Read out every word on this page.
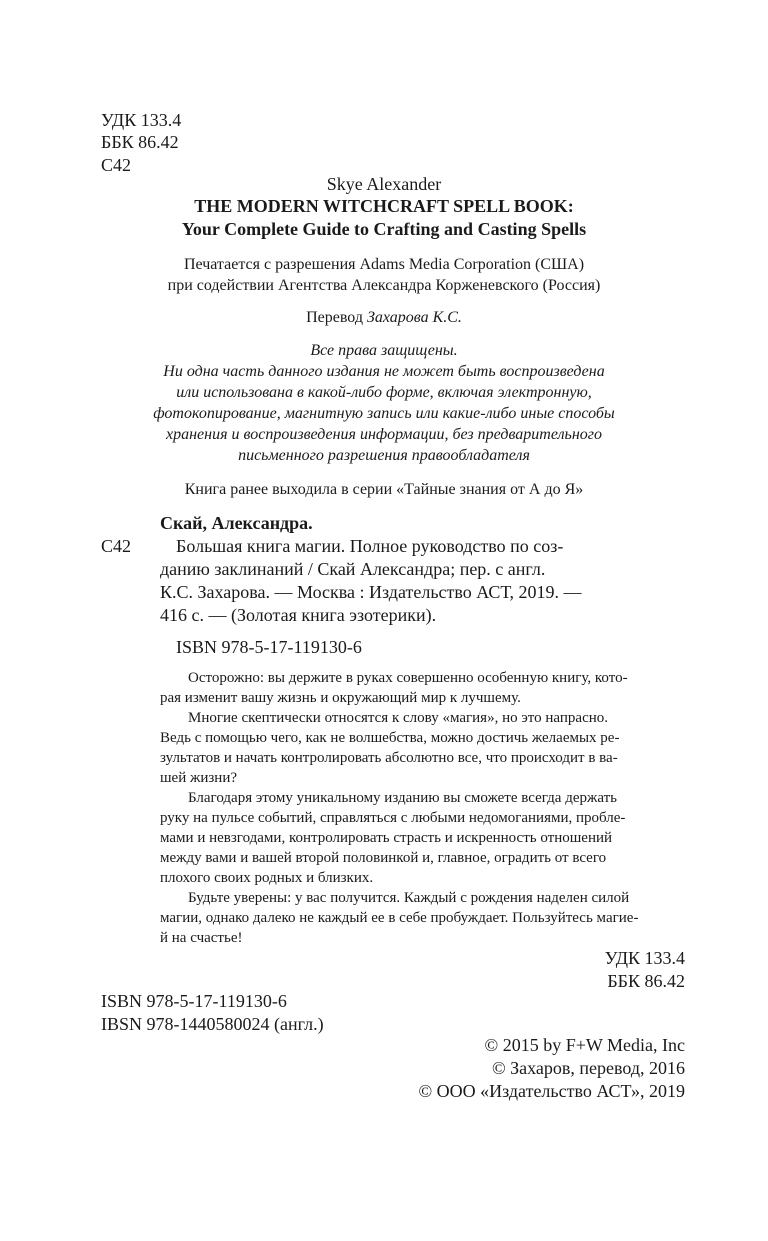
УДК 133.4
ББК 86.42
С42
Skye Alexander
THE MODERN WITCHCRAFT SPELL BOOK:
Your Complete Guide to Crafting and Casting Spells
Печатается с разрешения Adams Media Corporation (США)
при содействии Агентства Александра Корженевского (Россия)
Перевод Захарова К.С.
Все права защищены.
Ни одна часть данного издания не может быть воспроизведена
или использована в какой-либо форме, включая электронную,
фотокопирование, магнитную запись или какие-либо иные способы
хранения и воспроизведения информации, без предварительного
письменного разрешения правообладателя
Книга ранее выходила в серии «Тайные знания от А до Я»
Скай, Александра.
С42 Большая книга магии. Полное руководство по соз-
данию заклинаний / Скай Александра; пер. с англ.
К.С. Захарова. — Москва : Издательство АСТ, 2019. —
416 с. — (Золотая книга эзотерики).
ISBN 978-5-17-119130-6
Осторожно: вы держите в руках совершенно особенную книгу, кото-
рая изменит вашу жизнь и окружающий мир к лучшему.
Многие скептически относятся к слову «магия», но это напрасно.
Ведь с помощью чего, как не волшебства, можно достичь желаемых ре-
зультатов и начать контролировать абсолютно все, что происходит в ва-
шей жизни?
Благодаря этому уникальному изданию вы сможете всегда держать
руку на пульсе событий, справляться с любыми недомоганиями, пробле-
мами и невзгодами, контролировать страсть и искренность отношений
между вами и вашей второй половинкой и, главное, оградить от всего
плохого своих родных и близких.
Будьте уверены: у вас получится. Каждый с рождения наделен силой
магии, однако далеко не каждый ее в себе пробуждает. Пользуйтесь магие-
й на счастье!
УДК 133.4
ББК 86.42
ISBN 978-5-17-119130-6
IBSN 978-1440580024 (англ.)
© 2015 by F+W Media, Inc
© Захаров, перевод, 2016
© ООО «Издательство АСТ», 2019
